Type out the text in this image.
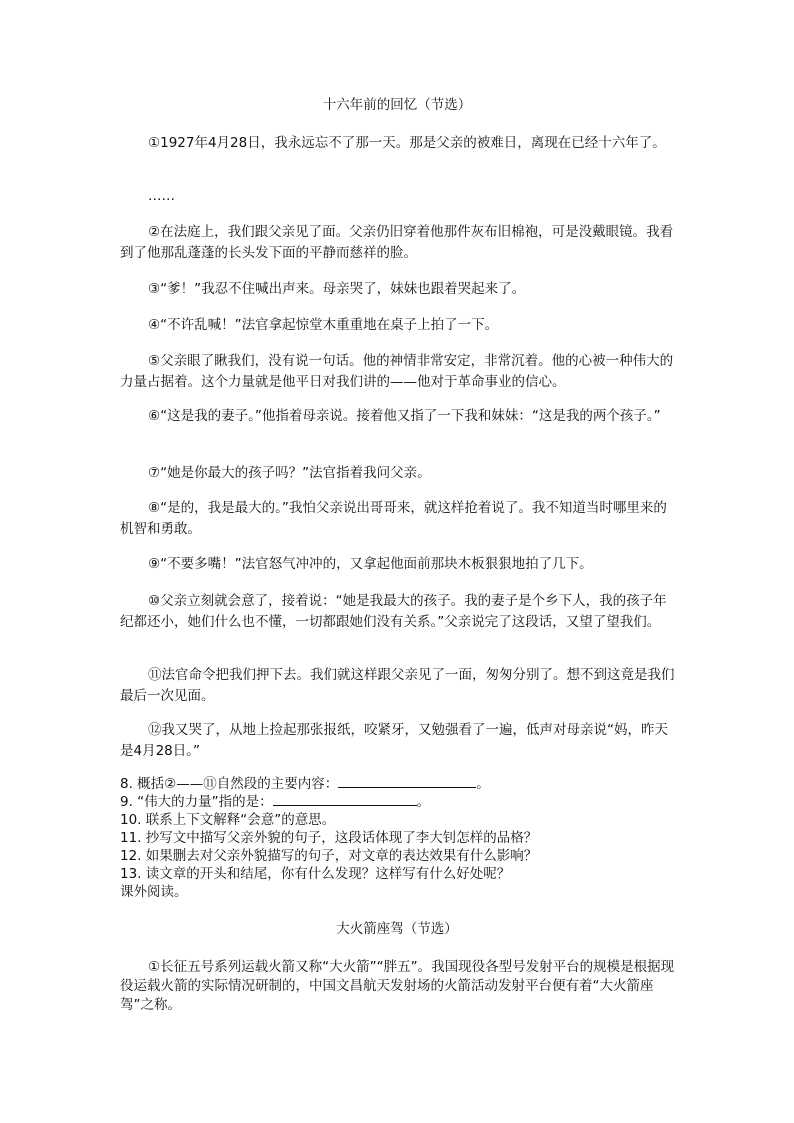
十六年前的回忆（节选）

①1927年4月28日，我永远忘不了那一天。那是父亲的被难日，离现在已经十六年了。

……

②在法庭上，我们跟父亲见了面。父亲仍旧穿着他那件灰布旧棉袍，可是没戴眼镜。我看到了他那乱蓬蓬的长头发下面的平静而慈祥的脸。

③“爹！”我忍不住喊出声来。母亲哭了，妹妹也跟着哭起来了。

④“不许乱喊！”法官拿起惊堂木重重地在桌子上拍了一下。

⑤父亲眼了瞅我们，没有说一句话。他的神情非常安定，非常沉着。他的心被一种伟大的力量占据着。这个力量就是他平日对我们讲的——他对于革命事业的信心。

⑥“这是我的妻子。”他指着母亲说。接着他又指了一下我和妹妹：“这是我的两个孩子。”

⑦“她是你最大的孩子吗？”法官指着我问父亲。

⑧“是的，我是最大的。”我怕父亲说出哥哥来，就这样抢着说了。我不知道当时哪里来的机智和勇敢。

⑨“不要多嘴！”法官怒气冲冲的，又拿起他面前那块木板狠狠地拍了几下。

⑩父亲立刻就会意了，接着说：“她是我最大的孩子。我的妻子是个乡下人，我的孩子年纪都还小，她们什么也不懂，一切都跟她们没有关系。”父亲说完了这段话，又望了望我们。

⑪法官命令把我们押下去。我们就这样跟父亲见了一面，匆匆分别了。想不到这竟是我们最后一次见面。

⑫我又哭了，从地上捡起那张报纸，咬紧牙，又勉强看了一遍，低声对母亲说“妈，昨天是4月28日。”

8. 概括②——⑪自然段的主要内容：	。
9. “伟大的力量”指的是：	。
10. 联系上下文解释“会意”的意思。
11. 抄写文中描写父亲外貌的句子，这段话体现了李大钊怎样的品格？
12. 如果删去对父亲外貌描写的句子，对文章的表达效果有什么影响？
13. 读文章的开头和结尾，你有什么发现？这样写有什么好处呢？
课外阅读。
大火箭座驾（节选）

①长征五号系列运载火箭又称“大火箭”“胖五”。我国现役各型号发射平台的规模是根据现役运载火箭的实际情况研制的，中国文昌航天发射场的火箭活动发射平台便有着“大火箭座驾”之称。
